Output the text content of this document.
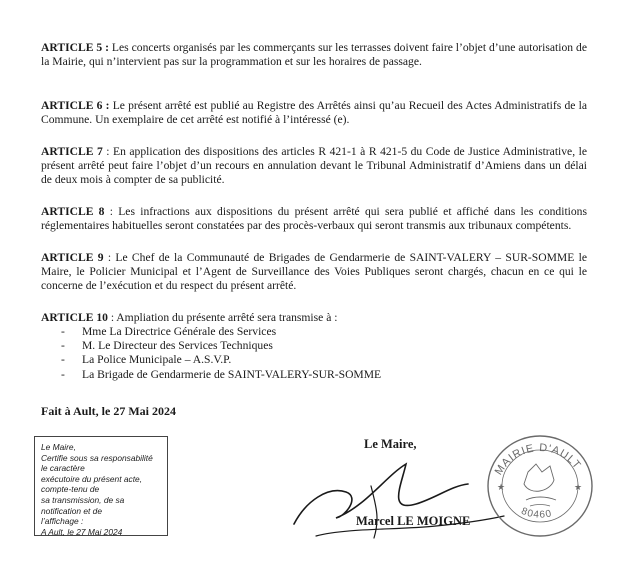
ARTICLE 5 : Les concerts organisés par les commerçants sur les terrasses doivent faire l’objet d’une autorisation de la Mairie, qui n’intervient pas sur la programmation et sur les horaires de passage.

ARTICLE 6 : Le présent arrêté est publié au Registre des Arrêtés ainsi qu’au Recueil des Actes Administratifs de la Commune. Un exemplaire de cet arrêté est notifié à l’intéressé (e).

ARTICLE 7 : En application des dispositions des articles R 421-1 à R 421-5 du Code de Justice Administrative, le présent arrêté peut faire l’objet d’un recours en annulation devant le Tribunal Administratif d’Amiens dans un délai de deux mois à compter de sa publicité.

ARTICLE 8 : Les infractions aux dispositions du présent arrêté qui sera publié et affiché dans les conditions réglementaires habituelles seront constatées par des procès-verbaux qui seront transmis aux tribunaux compétents.

ARTICLE 9 : Le Chef de la Communauté de Brigades de Gendarmerie de SAINT-VALERY – SUR-SOMME le Maire, le Policier Municipal et l’Agent de Surveillance des Voies Publiques seront chargés, chacun en ce qui le concerne de l’exécution et du respect du présent arrêté.

ARTICLE 10 : Ampliation du présente arrêté sera transmise à :

- Mme La Directrice Générale des Services
- M. Le Directeur des Services Techniques
- La Police Municipale – A.S.V.P.
- La Brigade de Gendarmerie de SAINT-VALERY-SUR-SOMME
Fait à Ault, le 27 Mai 2024
Le Maire,
Certifie sous sa responsabilité le caractère
exécutoire du présent acte, compte-tenu de
sa transmission, de sa notification et de
l’affichage :
A Ault, le 27 Mai 2024
MAIRIE D'AULT
80460
★	★
Le Maire,
Marcel LE MOIGNE
